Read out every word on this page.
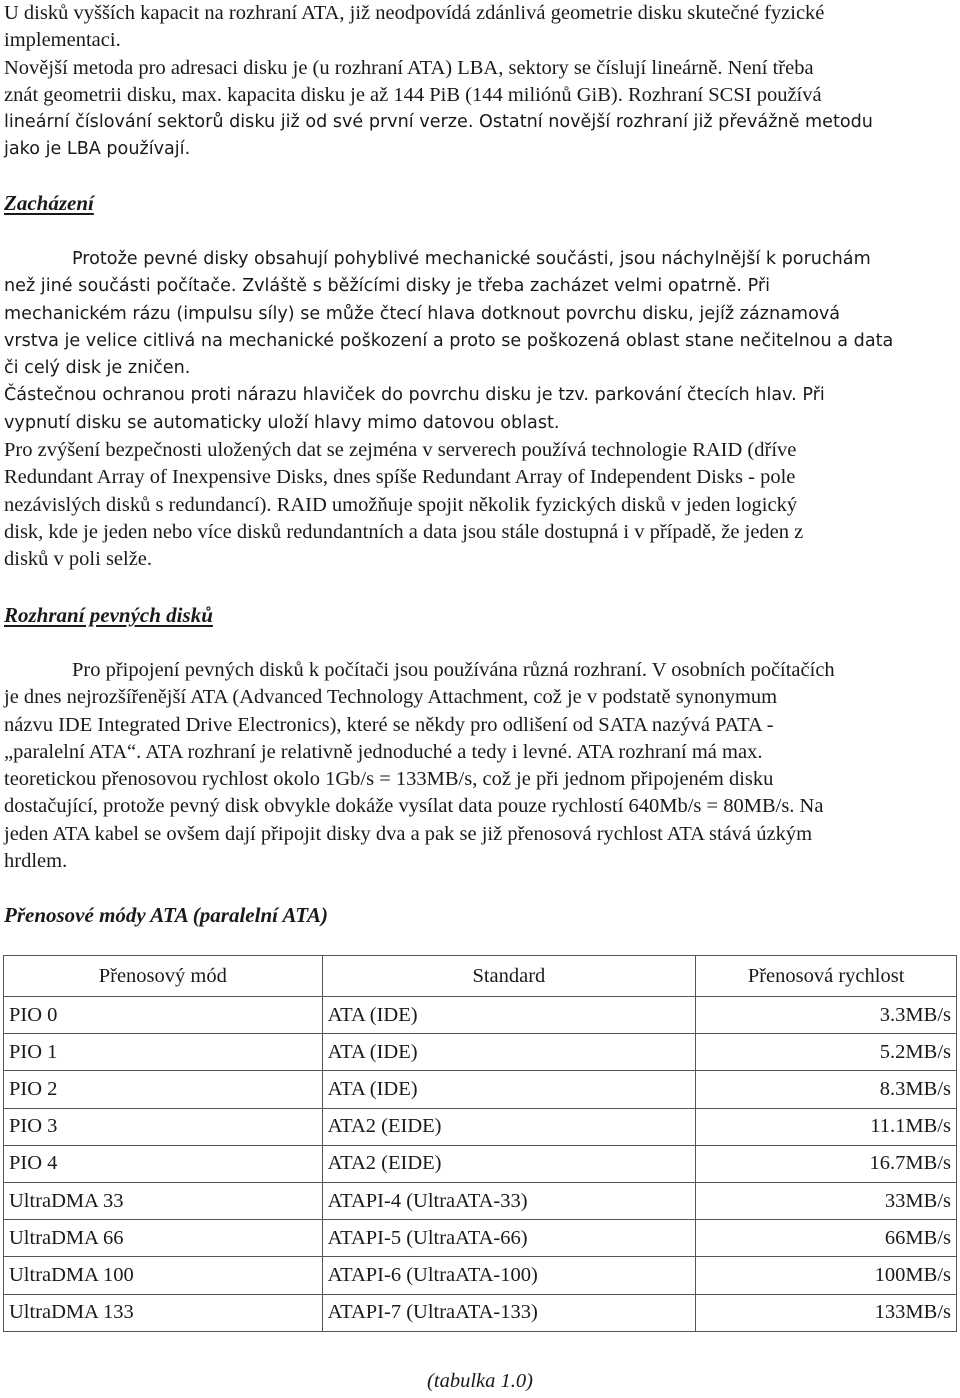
U disků vyšších kapacit na rozhraní ATA, již neodpovídá zdánlivá geometrie disku skutečné fyzické
implementaci.
Novější metoda pro adresaci disku je (u rozhraní ATA) LBA, sektory se číslují lineárně. Není třeba
znát geometrii disku, max. kapacita disku je až 144 PiB (144 miliónů GiB). Rozhraní SCSI používá
lineární číslování sektorů disku již od své první verze. Ostatní novější rozhraní již převážně metodu
jako je LBA používají.
Zacházení
Protože pevné disky obsahují pohyblivé mechanické součásti, jsou náchylnější k poruchám
než jiné součásti počítače. Zvláště s běžícími disky je třeba zacházet velmi opatrně. Při
mechanickém rázu (impulsu síly) se může čtecí hlava dotknout povrchu disku, jejíž záznamová
vrstva je velice citlivá na mechanické poškození a proto se poškozená oblast stane nečitelnou a data
či celý disk je zničen.
Částečnou ochranou proti nárazu hlaviček do povrchu disku je tzv. parkování čtecích hlav. Při
vypnutí disku se automaticky uloží hlavy mimo datovou oblast.
Pro zvýšení bezpečnosti uložených dat se zejména v serverech používá technologie RAID (dříve
Redundant Array of Inexpensive Disks, dnes spíše Redundant Array of Independent Disks - pole
nezávislých disků s redundancí). RAID umožňuje spojit několik fyzických disků v jeden logický
disk, kde je jeden nebo více disků redundantních a data jsou stále dostupná i v případě, že jeden z
disků v poli selže.
Rozhraní pevných disků
Pro připojení pevných disků k počítači jsou používána různá rozhraní. V osobních počítačích
je dnes nejrozšířenější ATA (Advanced Technology Attachment, což je v podstatě synonymum
názvu IDE Integrated Drive Electronics), které se někdy pro odlišení od SATA nazývá PATA -
„paralelní ATA“. ATA rozhraní je relativně jednoduché a tedy i levné. ATA rozhraní má max.
teoretickou přenosovou rychlost okolo 1Gb/s = 133MB/s, což je při jednom připojeném disku
dostačující, protože pevný disk obvykle dokáže vysílat data pouze rychlostí 640Mb/s = 80MB/s. Na
jeden ATA kabel se ovšem dají připojit disky dva a pak se již přenosová rychlost ATA stává úzkým
hrdlem.
Přenosové módy ATA (paralelní ATA)
Přenosový mód	Standard	Přenosová rychlost
PIO 0	ATA (IDE)	3.3MB/s
PIO 1	ATA (IDE)	5.2MB/s
PIO 2	ATA (IDE)	8.3MB/s
PIO 3	ATA2 (EIDE)	11.1MB/s
PIO 4	ATA2 (EIDE)	16.7MB/s
UltraDMA 33	ATAPI-4 (UltraATA-33)	33MB/s
UltraDMA 66	ATAPI-5 (UltraATA-66)	66MB/s
UltraDMA 100	ATAPI-6 (UltraATA-100)	100MB/s
UltraDMA 133	ATAPI-7 (UltraATA-133)	133MB/s

(tabulka 1.0)
